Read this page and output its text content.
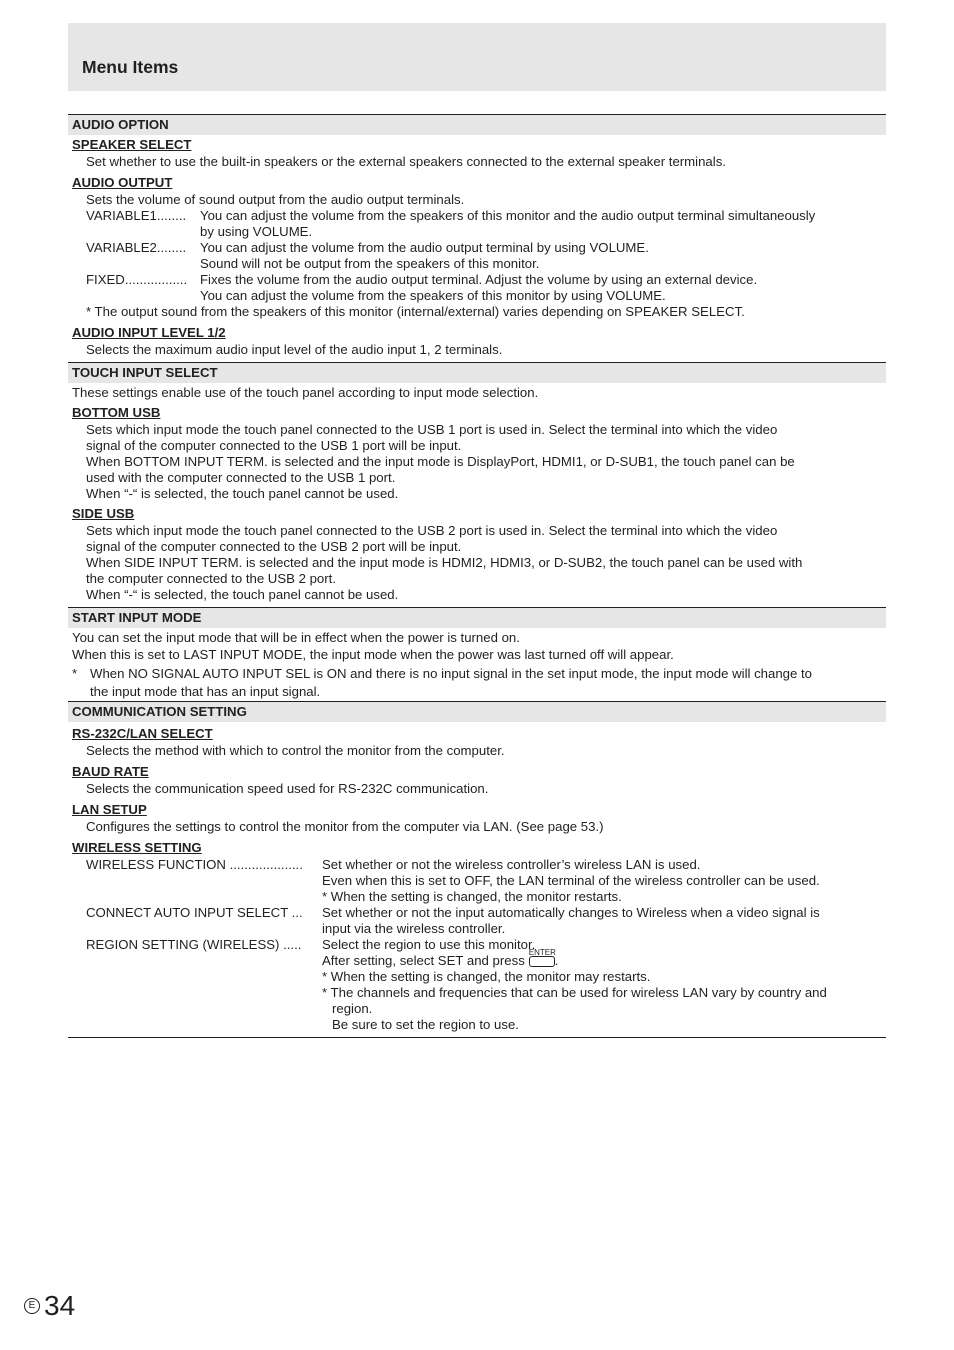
Menu Items
AUDIO OPTION
SPEAKER SELECT
Set whether to use the built-in speakers or the external speakers connected to the external speaker terminals.
AUDIO OUTPUT
Sets the volume of sound output from the audio output terminals.
VARIABLE1........	You can adjust the volume from the speakers of this monitor and the audio output terminal simultaneously
by using VOLUME.
VARIABLE2........	You can adjust the volume from the audio output terminal by using VOLUME.
Sound will not be output from the speakers of this monitor.
FIXED................. Fixes the volume from the audio output terminal. Adjust the volume by using an external device.
You can adjust the volume from the speakers of this monitor by using VOLUME.
* The output sound from the speakers of this monitor (internal/external) varies depending on SPEAKER SELECT.
AUDIO INPUT LEVEL 1/2
Selects the maximum audio input level of the audio input 1, 2 terminals.
TOUCH INPUT SELECT
These settings enable use of the touch panel according to input mode selection.
BOTTOM USB
Sets which input mode the touch panel connected to the USB 1 port is used in. Select the terminal into which the video
signal of the computer connected to the USB 1 port will be input.
When BOTTOM INPUT TERM. is selected and the input mode is DisplayPort, HDMI1, or D-SUB1, the touch panel can be
used with the computer connected to the USB 1 port.
When “-“ is selected, the touch panel cannot be used.
SIDE USB
Sets which input mode the touch panel connected to the USB 2 port is used in. Select the terminal into which the video
signal of the computer connected to the USB 2 port will be input.
When SIDE INPUT TERM. is selected and the input mode is HDMI2, HDMI3, or D-SUB2, the touch panel can be used with
the computer connected to the USB 2 port.
When “-“ is selected, the touch panel cannot be used.
START INPUT MODE
You can set the input mode that will be in effect when the power is turned on.
When this is set to LAST INPUT MODE, the input mode when the power was last turned off will appear.
* When NO SIGNAL AUTO INPUT SEL is ON and there is no input signal in the set input mode, the input mode will change to
the input mode that has an input signal.
COMMUNICATION SETTING
RS-232C/LAN SELECT
Selects the method with which to control the monitor from the computer.
BAUD RATE
Selects the communication speed used for RS-232C communication.
LAN SETUP
Configures the settings to control the monitor from the computer via LAN. (See page 53.)
WIRELESS SETTING
WIRELESS FUNCTION ....................	Set whether or not the wireless controller’s wireless LAN is used.
Even when this is set to OFF, the LAN terminal of the wireless controller can be used.
* When the setting is changed, the monitor restarts.
CONNECT AUTO INPUT SELECT ...	Set whether or not the input automatically changes to Wireless when a video signal is
input via the wireless controller.
REGION SETTING (WIRELESS) .....	Select the region to use this monitor.
After setting, select SET and press
ENTER
.
* When the setting is changed, the monitor may restarts.
* The channels and frequencies that can be used for wireless LAN vary by country and
region.
Be sure to set the region to use.
E 34
